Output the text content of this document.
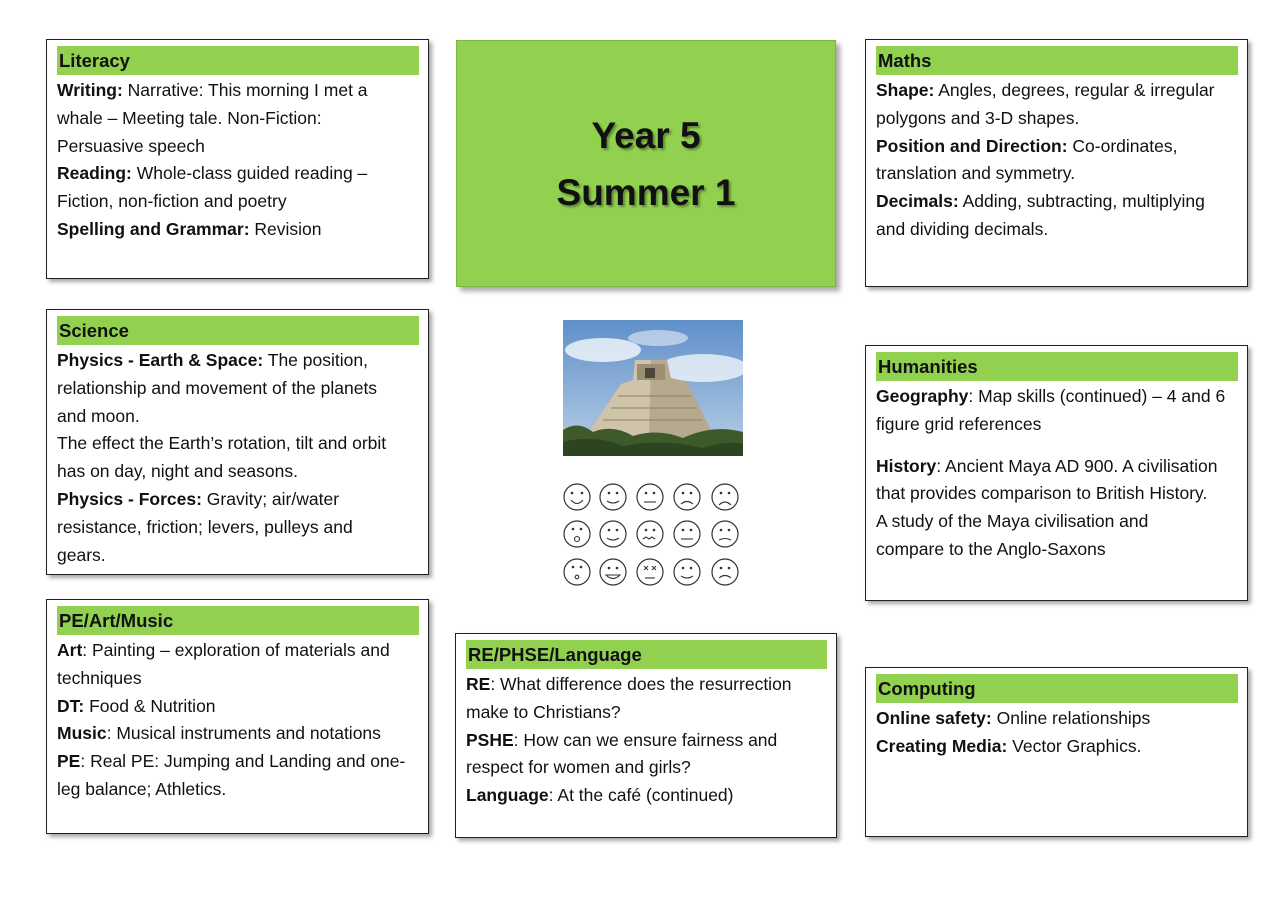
Literacy
Writing: Narrative: This morning I met a
whale – Meeting tale. Non-Fiction:
Persuasive speech
Reading: Whole-class guided reading –
Fiction, non-fiction and poetry
Spelling and Grammar: Revision
Science
Physics - Earth & Space: The position,
relationship and movement of the planets
and moon.
The effect the Earth’s rotation, tilt and orbit
has on day, night and seasons.
Physics - Forces: Gravity; air/water
resistance, friction; levers, pulleys and
gears.
PE/Art/Music
Art: Painting – exploration of materials and
techniques
DT: Food & Nutrition
Music: Musical instruments and notations
PE: Real PE: Jumping and Landing and one-
leg balance; Athletics.
Year 5
Summer 1
RE/PHSE/Language
RE: What difference does the resurrection
make to Christians?
PSHE: How can we ensure fairness and
respect for women and girls?
Language: At the café (continued)
Maths
Shape: Angles, degrees, regular & irregular
polygons and 3-D shapes.
Position and Direction: Co-ordinates,
translation and symmetry.
Decimals: Adding, subtracting, multiplying
and dividing decimals.
Humanities
Geography: Map skills (continued) – 4 and 6
figure grid references
History: Ancient Maya AD 900. A civilisation
that provides comparison to British History.
A study of the Maya civilisation and
compare to the Anglo-Saxons
Computing
Online safety: Online relationships
Creating Media: Vector Graphics.
